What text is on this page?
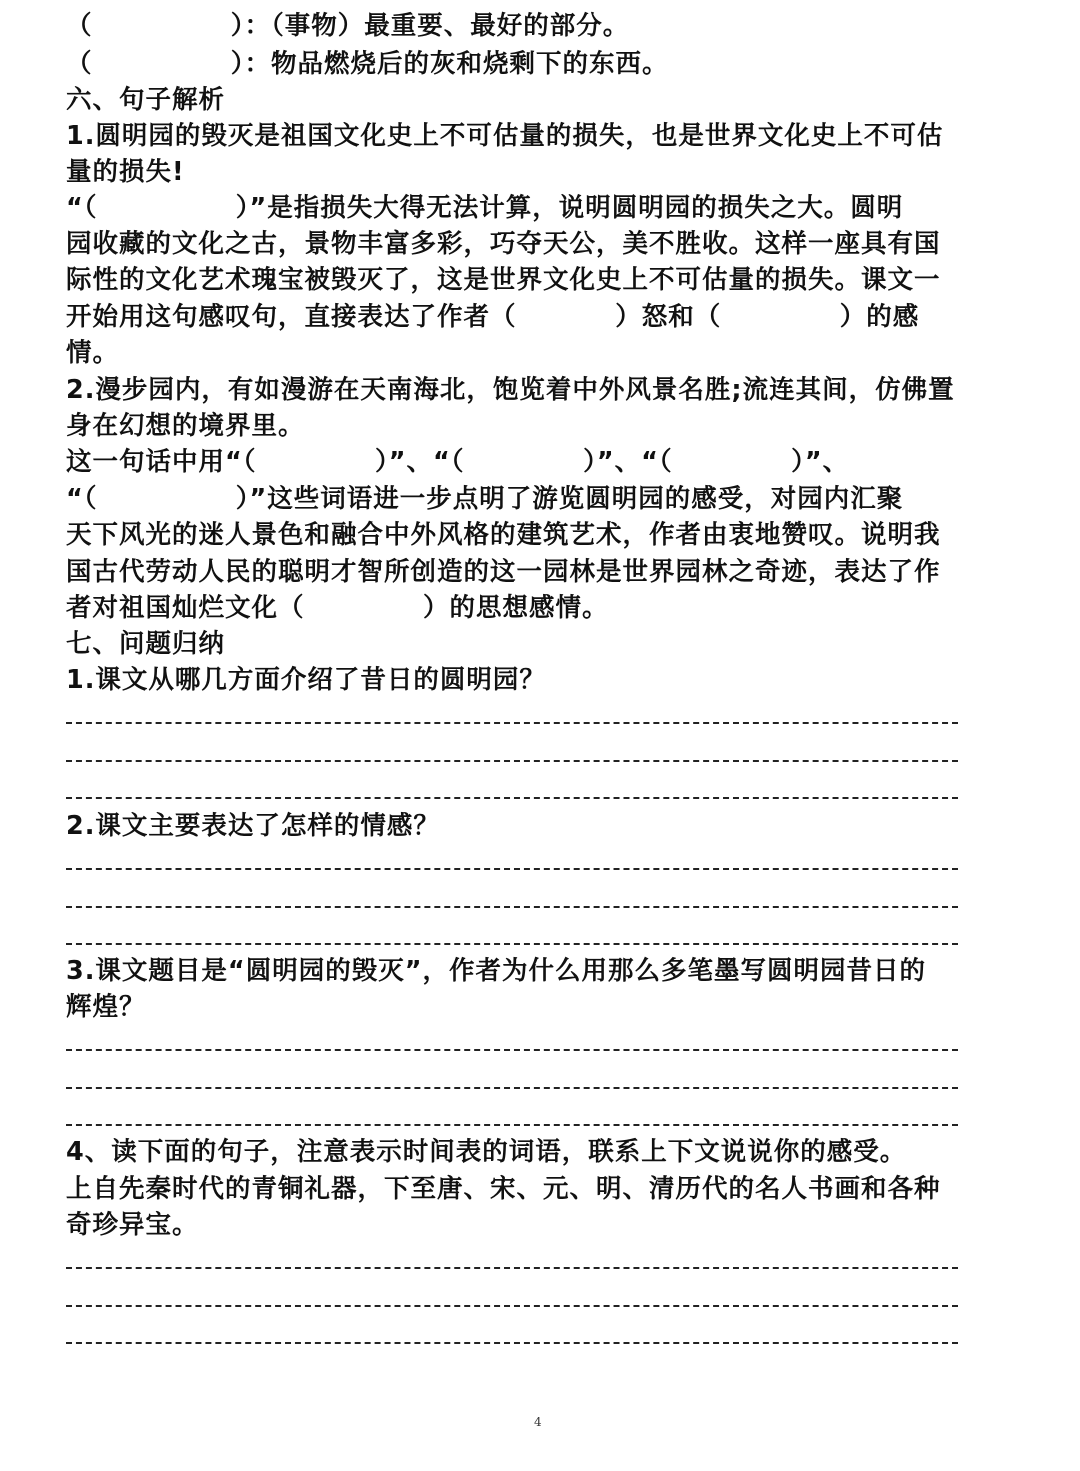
（              ）：（事物）最重要、最好的部分。
（              ）：物品燃烧后的灰和烧剩下的东西。
六、句子解析
1.圆明园的毁灭是祖国文化史上不可估量的损失，也是世界文化史上不可估
量的损失!
“（              ）”是指损失大得无法计算，说明圆明园的损失之大。圆明
园收藏的文化之古，景物丰富多彩，巧夺天公，美不胜收。这样一座具有国
际性的文化艺术瑰宝被毁灭了，这是世界文化史上不可估量的损失。课文一
开始用这句感叹句，直接表达了作者（          ）怒和（            ）的感
情。
2.漫步园内，有如漫游在天南海北，饱览着中外风景名胜;流连其间，仿佛置
身在幻想的境界里。
这一句话中用“（            ）”、“（            ）”、“（            ）”、
“（              ）”这些词语进一步点明了游览圆明园的感受，对园内汇聚
天下风光的迷人景色和融合中外风格的建筑艺术，作者由衷地赞叹。说明我
国古代劳动人民的聪明才智所创造的这一园林是世界园林之奇迹，表达了作
者对祖国灿烂文化（            ）的思想感情。
七、问题归纳
1.课文从哪几方面介绍了昔日的圆明园？
2.课文主要表达了怎样的情感？
3.课文题目是“圆明园的毁灭”，作者为什么用那么多笔墨写圆明园昔日的
辉煌？
4、读下面的句子，注意表示时间表的词语，联系上下文说说你的感受。
上自先秦时代的青铜礼器，下至唐、宋、元、明、清历代的名人书画和各种
奇珍异宝。
4
